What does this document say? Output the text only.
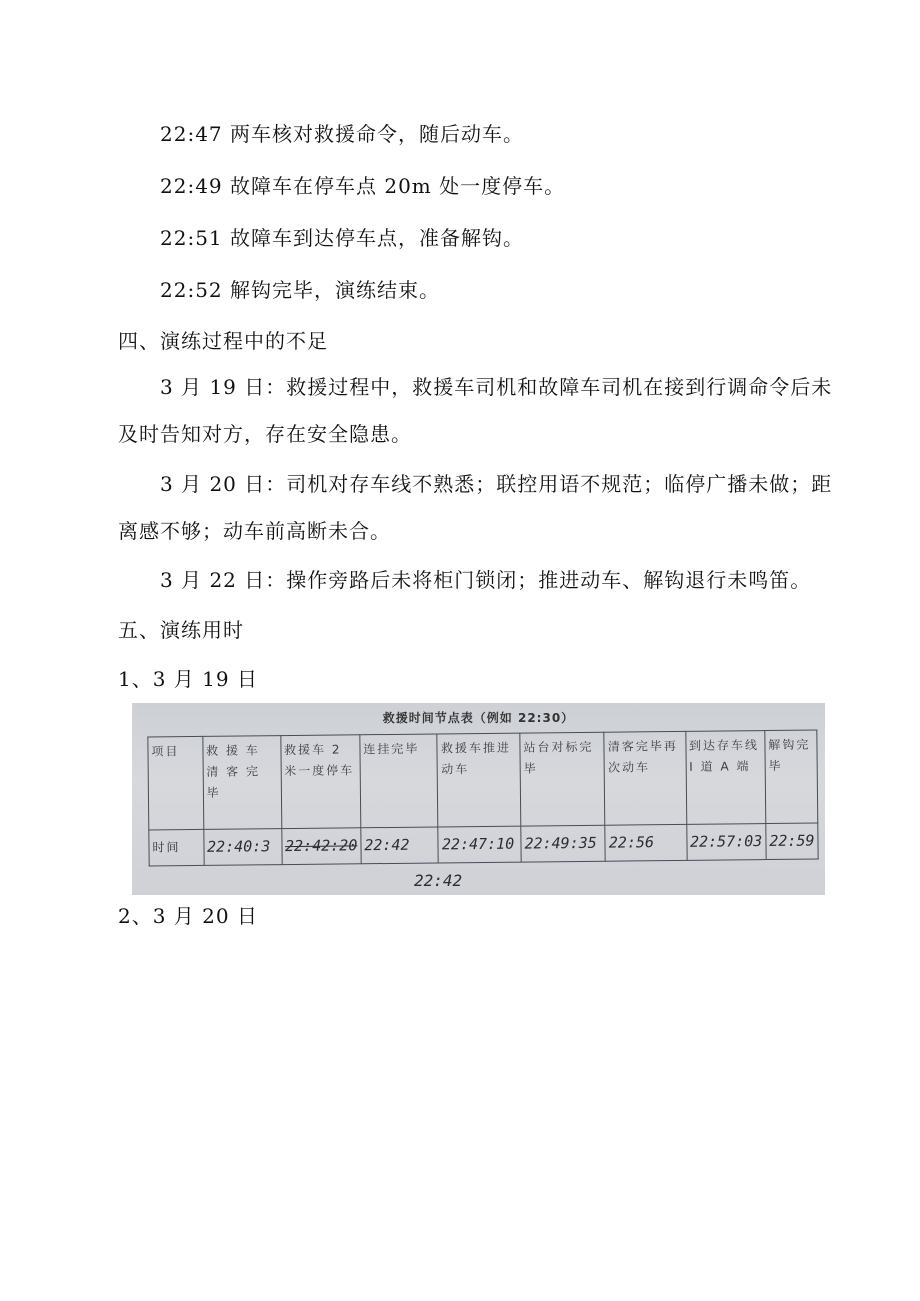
22:47 两车核对救援命令，随后动车。
22:49 故障车在停车点 20m 处一度停车。
22:51 故障车到达停车点，准备解钩。
22:52 解钩完毕，演练结束。
四、演练过程中的不足
3 月 19 日：救援过程中，救援车司机和故障车司机在接到行调命令后未
及时告知对方，存在安全隐患。
3 月 20 日：司机对存车线不熟悉；联控用语不规范；临停广播未做；距
离感不够；动车前高断未合。
3 月 22 日：操作旁路后未将柜门锁闭；推进动车、解钩退行未鸣笛。
五、演练用时
1、3 月 19 日
救援时间节点表（例如 22:30）
项目	救 援 车 清 客 完 毕	救援车 2 米一度停车	连挂完毕	救援车推进动车	站台对标完毕	清客完毕再次动车	到达存车线 I 道 A 端	解钩完毕
时间	22:40:3	22:42:20	22:42	22:47:10	22:49:35	22:56	22:57:03	22:59
22:42
2、3 月 20 日
